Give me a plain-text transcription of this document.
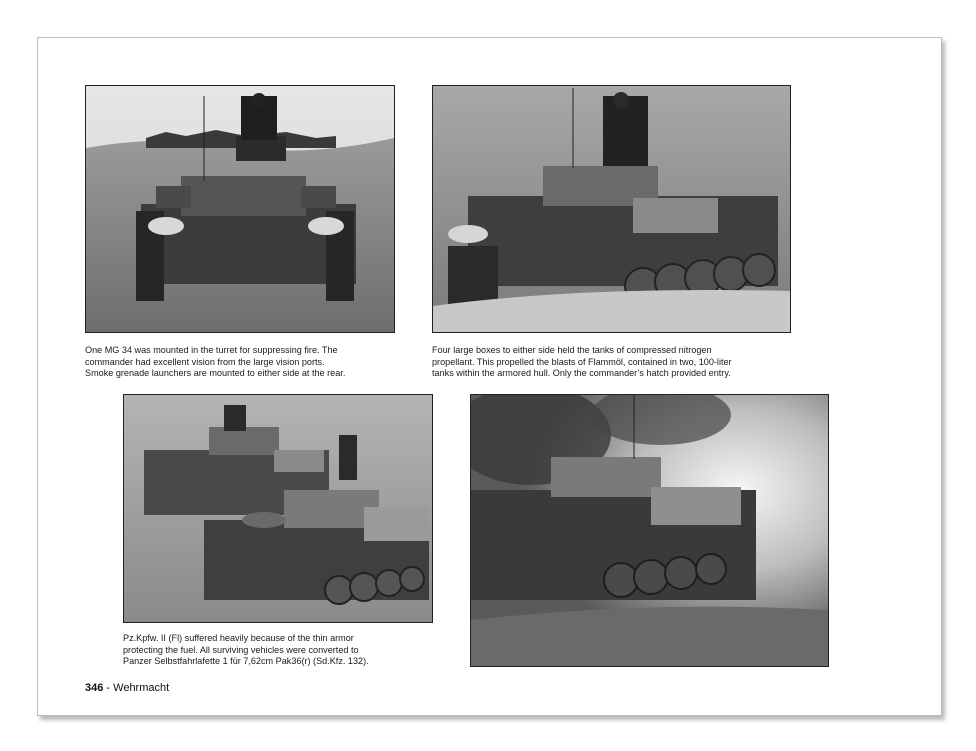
One MG 34 was mounted in the turret for suppressing fire. The
commander had excellent vision from the large vision ports.
Smoke grenade launchers are mounted to either side at the rear.
Four large boxes to either side held the tanks of compressed nitrogen
propellant. This propelled the blasts of Flammöl, contained in two, 100-liter
tanks within the armored hull. Only the commander’s hatch provided entry.
Pz.Kpfw. II (Fl) suffered heavily because of the thin armor
protecting the fuel. All surviving vehicles were converted to
Panzer Selbstfahrlafette 1 für 7,62cm Pak36(r) (Sd.Kfz. 132).
346 - Wehrmacht
